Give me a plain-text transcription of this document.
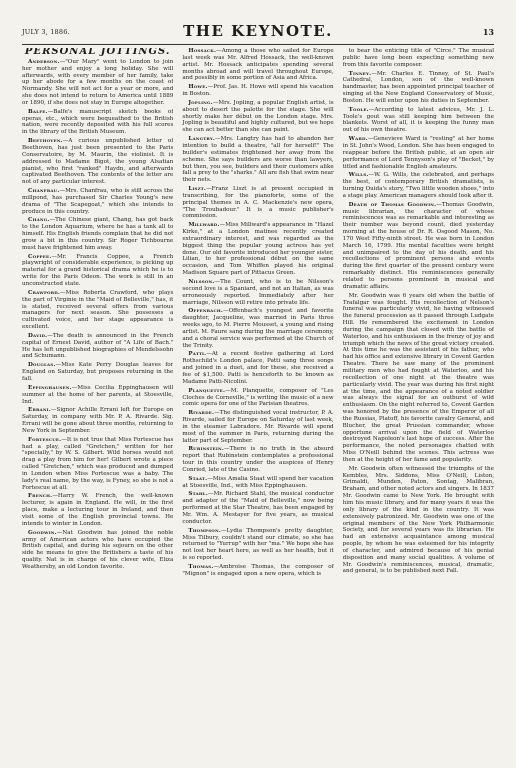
JULY 3, 1886.	THE KEYNOTE.	13
PERSONAL JOTTINGS.

Anderson.—"Our Mary" went to London to join her mother and enjoy a long holiday. She will afterwards, with every member of her family, take up her abode for a few months on the coast of Normandy. She will not act for a year or more, and she does not intend to return to America until 1889 or 1890, if she does not stay in Europe altogether.

Balfe.—Balfe's manuscript sketch books of operas, etc., which were bequeathed to the British nation, were recently deposited with his full scores in the library of the British Museum.

Beethoven.—A curious unpublished letter of Beethoven, has just been presented to the Paris Conservatoire, by M. Maurin, the violinist. It is addressed to Madame Bigot, the young Alsatian pianist, who first "ranked" Haydn, and afterwards captivated Beethoven. The contents of the letter are not of any particular interest.

Chanfrau.—Mrs. Chanfrau, who is still across the millpond, has purchased Sir Charles Young's new drama of "The Scapegoat," which she intends to produce in this country.

Chang.—The Chinese giant, Chang, has got back to the London Aquarium, where he has a tank all to himself. His English friends complain that he did not grow a bit in this country. Sir Roger Tichbourne must have frightened him away.

Coppee.—Mr. Francis Coppee, a French playwright of considerable experience, is picking up material for a grand historical drama which he is to write for the Paris Odeon. The work is still in an unconstructed state.

Crawford.—Miss Roberta Crawford, who plays the part of Virginie in the "Maid of Belleville," has, it is stated, received several offers from various managers for next season. She possesses a cultivated voice, and her stage appearance is excellent.

David.—The death is announced in the French capital of Ernest David, author of "A Life of Bach." He has left unpublished biographies of Mendelssohn and Schumann.

Douglas.—Miss Kate Perry Douglas leaves for England on Saturday, but proposes returning in the fall.

Eppinghausen.—Miss Cecilia Eppinghausen will summer at the home of her parents, at Stoesville, Ind.

Errani.—Signor Achille Errani left for Europe on Saturday, in company with Mr. P. A. Rivarde. Sig. Errani will be gone about three months, returning to New York in September.

Fortescue.—It is not true that Miss Fortescue has had a play, called "Gretchen," written for her "specially," by W. S. Gilbert. Wild horses would not drag a play from him for her! Gilbert wrote a piece called "Gretchen," which was produced and dumped in London when Miss Fortescue was a baby. The lady's real name, by the way, is Fyney, so she is not a Fortescue at all.

French.—Harry W. French, the well-known lecturer, is again in England. He will, in the first place, make a lecturing tour in Ireland, and then visit some of the English provincial towns. He intends to winter in London.

Goodwin.—Nat Goodwin has joined the noble army of American actors who have occupied the British capital, and during his sojourn on the other side he means to give the Britishers a taste of his quality. Nat is in charge of his clever wife, Eliza Weathersby, an old London favorite.

Hossack.—Among a those who sailed for Europe last week was Mr. Alfred Hossack, the well-known artist. Mr. Hossack anticipates spending several months abroad and will travel throughout Europe, and possibly in some portion of Asia and Africa.

Howe.—Prof. Jas. H. Howe will spend his vacation in Boston.

Jopling.—Mrs. Jopling, a popular English artist, is about to desert the palette for the stage. She will shortly make her début on the London stage. Mrs. Jopling is beautiful and highly cultured, but we hope she can act better than she can paint.

Langtry.—Mrs. Langtry has had to abandon her intention to build a theatre, "all for herself!" The builder's estimates frightened her away from the scheme. She says builders are worse than lawyers, but then, you see, builders and their customers alike fall a prey to the "sharks." All are fish that swim near their nets.

Liszt.—Franz Liszt is at present occupied in transcribing, for the pianoforte, some of the principal themes in A. C. Mackenzie's new opera, "The Troubadour." It is a music publisher's commission.

Millward.—Miss Millward's appearance in "Hazel Kirke," at a London matinee recently created extraordinary interest, and was regarded as the biggest thing the popular young actress has yet done. Our old favorite introduced her younger sister, Lilian, to her professional début on the same occasion, and Tom Whiffen played his original Madison Square part of Pittacus Green.

Nilsson.—The Count, who is to be Nilsson's second love is a Spaniard, and not an Italian, as was erroneously reported. Immediately after her marriage, Nilsson will retire into private life.

Offenbach.—Offenbach's youngest and favorite daughter, Jacqueline, was married in Paris three weeks ago, to M. Pierre Mousset, a young and rising artist. M. Faure sang during the marriage ceremony, and a choral service was performed at the Church of the Trinity.

Patti.—At a recent festive gathering at Lord Rothschild's London palace, Patti sang three songs and joined in a duet, and for these, she received a fee of $1,500. Patti is henceforth to be known as Madame Patti-Nicolini.

Planquette.—M. Planquette, composer of "Les Cloches de Corneville," is writing the music of a new comic opera for one of the Parisian theatres.

Rivarde.—The distinguished vocal instructor, P. A. Rivarde, sailed for Europe on Saturday of last week, in the steamer Labradore. Mr. Rivarde will spend most of the summer in Paris, returning during the latter part of September.

Rubinstein.—There is no truth in the absurd report that Rubinstein contemplates a professional tour in this country under the auspices of Henry Conried, late of the Casino.

Staat.—Miss Amalia Staat will spend her vacation at Stoesville, Ind., with Miss Eppinghausen.

Stahl.—Mr. Richard Stahl, the musical conductor and adapter of the "Maid of Belleville," now being performed at the Star Theatre, has been engaged by Mr. Wm. A. Mestayer for five years, as musical conductor.

Thompson.—Lydia Thompson's pretty daughter, Miss Tilbury, couldn't stand our climate, so she has returned to "Yurrup" with her "ma." We hope she has not lost her heart here, as well as her health, but it is so reported.

Thomas.—Ambroise Thomas, the composer of "Mignon" is engaged upon a new opera, which is

to bear the enticing title of "Circe." The musical public have long been expecting something new from this favorite composer.

Tinney.—Mr. Charles E. Tinney, of St. Paul's Cathedral, London, son of the well-known bandmaster, has been appointed principal teacher of singing at the New England Conservatory of Music, Boston. He will enter upon his duties in September.

Toole.—According to latest advices, Mr. J. L. Toole's gout was still keeping him between the blankets. Worst of all, it is keeping the funny man out of his own theatre.

Ward.—Genevieve Ward is "resting" at her home in St. John's Wood, London. She has been engaged to reappear before the British public, at an open air performance of Lord Tennyson's play of "Becket," by titled and fashionable English amateurs.

Wills.—W. G. Wills, the celebrated, and perhaps the best, of contemporary British dramatists, is turning Ouida's story, "Two little wooden shoes," into a stage play. American managers should look after it.

Death of Thomas Goodwin.—Thomas Goodwin, music librarian, the character of whose reminiscences was as remarkable and interesting as their number was beyond count, died yesterday morning at the house of Dr. R. Osgood Mason, No. 170 West Fifty-ninth street. He was born in London March 16, 1799. His mental faculties were bright and unimpaired to the day of his death, and his recollections of prominent persons and events during the first quarter of the present century were remarkably distinct. His reminiscences generally related to persons prominent in musical and dramatic affairs.

Mr. Goodwin was 6 years old when the battle of Trafalgar was fought. His recollection of Nelson's funeral was particularly vivid, he having witnessed the funeral procession as it passed through Ludgate Hill. He remembered the excitement in London during the campaign that closed with the battle of Waterloo, and his enthusiasm in the frenzy of joy and triumph which the news of the great victory created. At this time he was the assistant of his father, who had his office and extensive library in Covent Garden Theatre. There he saw many of the prominent military men who had fought at Waterloo, and his recollection of one night at the theatre was particularly vivid. The year was during his first night at the time, and the appearance of a noted soldier was always the signal for an outburst of wild enthusiasm. On the night referred to, Covent Garden was honored by the presence of the Emperor of all the Russias, Platoff, his favorite cavalry General, and Blucher, the great Prussian commander, whose opportune arrival upon the field of Waterloo destroyed Napoleon's last hope of success. After the performance, the noted personages chatted with Miss O'Neill behind the scenes. This actress was then at the height of her fame and popularity.

Mr. Goodwin often witnessed the triumphs of the Kembles, Mrs. Siddons, Miss O'Neill, Liston, Grimaldi, Munden, Paton, Sontag, Malibran, Braham, and other noted actors and singers. In 1837 Mr. Goodwin came to New York. He brought with him his music library, and for many years it was the only library of the kind in the country. It was extensively patronized. Mr. Goodwin was one of the original members of the New York Philharmonic Society, and for several years was its librarian. He had an extensive acquaintance among musical people, by whom he was esteemed for his integrity of character, and admired because of his genial disposition and many social qualities. A volume of Mr. Goodwin's reminiscences, musical, dramatic, and general, is to be published next Fall.
